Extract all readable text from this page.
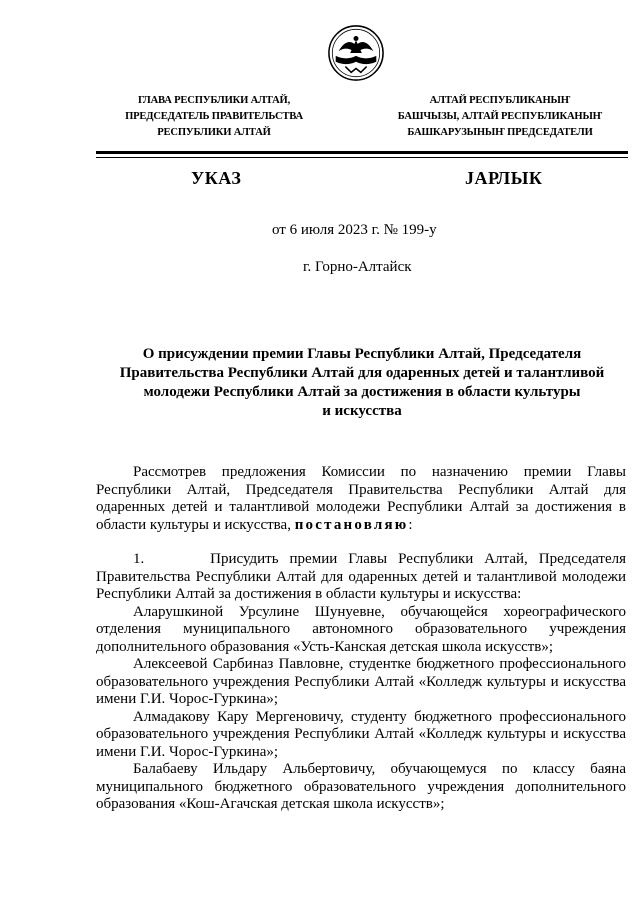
ГЛАВА РЕСПУБЛИКИ АЛТАЙ,
ПРЕДСЕДАТЕЛЬ ПРАВИТЕЛЬСТВА
РЕСПУБЛИКИ АЛТАЙ
АЛТАЙ РЕСПУБЛИКАНЫҤ
БАШЧЫЗЫ, АЛТАЙ РЕСПУБЛИКАНЫҤ
БАШКАРУЗЫНЫҤ ПРЕДСЕДАТЕЛИ
УКАЗ	JАРЛЫК
от 6 июля 2023 г. № 199-у
г. Горно-Алтайск
О присуждении премии Главы Республики Алтай, Председателя
Правительства Республики Алтай для одаренных детей и талантливой
молодежи Республики Алтай за достижения в области культуры
и искусства

Рассмотрев предложения Комиссии по назначению премии Главы Республики Алтай, Председателя Правительства Республики Алтай для одаренных детей и талантливой молодежи Республики Алтай за достижения в области культуры и искусства, постановляю:

1.      Присудить премии Главы Республики Алтай, Председателя Правительства Республики Алтай для одаренных детей и талантливой молодежи Республики Алтай за достижения в области культуры и искусства:

Аларушкиной Урсулине Шунуевне, обучающейся хореографического отделения муниципального автономного образовательного учреждения дополнительного образования «Усть-Канская детская школа искусств»;

Алексеевой Сарбиназ Павловне, студентке бюджетного профессионального образовательного учреждения Республики Алтай «Колледж культуры и искусства имени Г.И. Чорос-Гуркина»;

Алмадакову Кару Мергеновичу, студенту бюджетного профессионального образовательного учреждения Республики Алтай «Колледж культуры и искусства имени Г.И. Чорос-Гуркина»;

Балабаеву Ильдару Альбертовичу, обучающемуся по классу баяна муниципального бюджетного образовательного учреждения дополнительного образования «Кош-Агачская детская школа искусств»;
